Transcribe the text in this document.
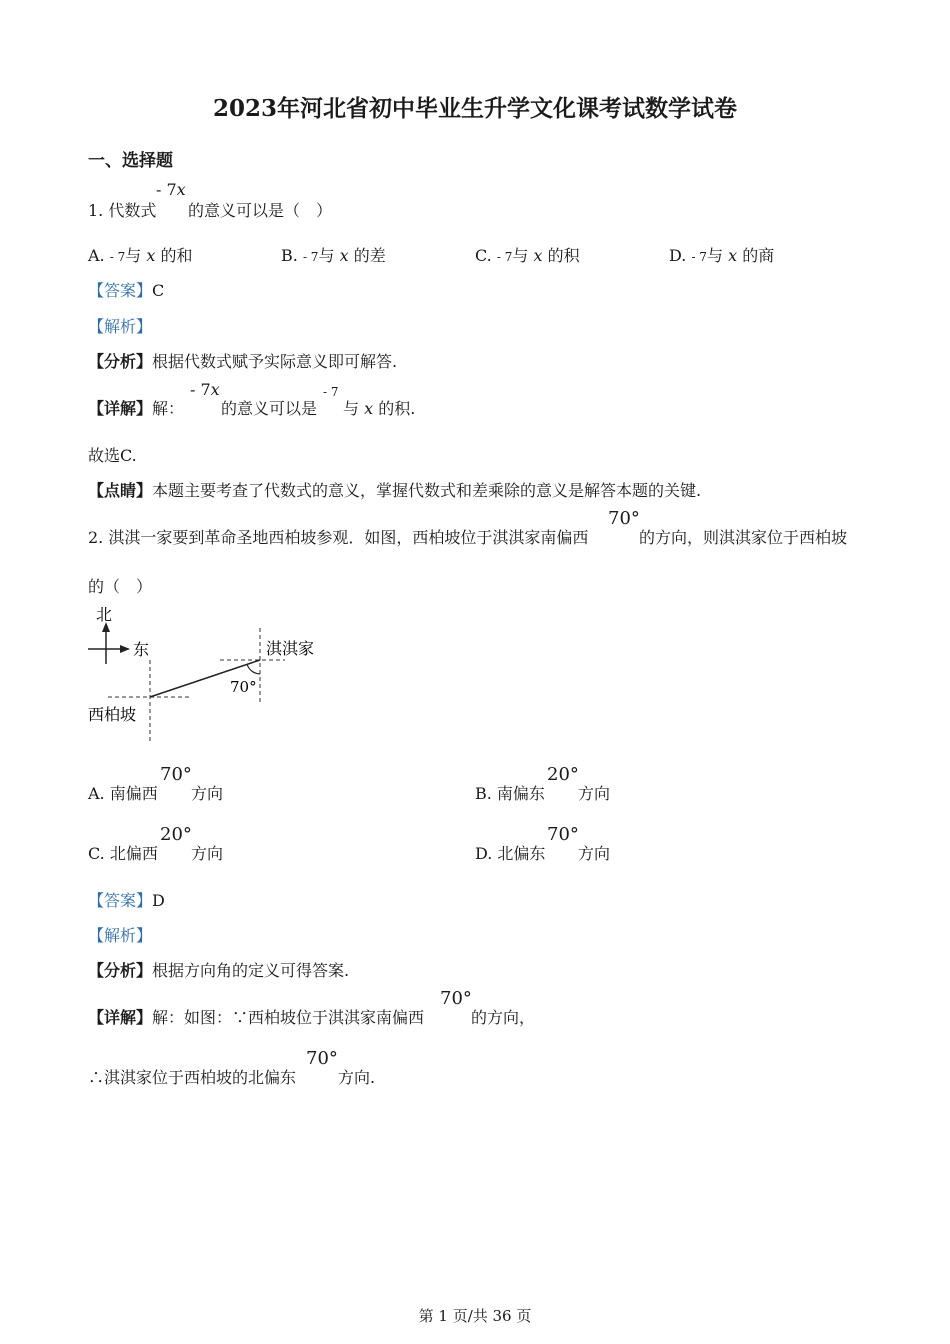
2023年河北省初中毕业生升学文化课考试数学试卷
一、选择题
1. 代数式
- 7x
的意义可以是（　）
A. - 7与 x 的和	B. - 7与 x 的差	C. - 7与 x 的积	D. - 7与 x 的商
【答案】C
【解析】
【分析】根据代数式赋予实际意义即可解答.
【详解】解：
- 7x
的意义可以是
- 7
与 x 的积.
故选C.
【点睛】本题主要考查了代数式的意义，掌握代数式和差乘除的意义是解答本题的关键.
2. 淇淇一家要到革命圣地西柏坡参观．如图，西柏坡位于淇淇家南偏西
70°
的方向，则淇淇家位于西柏坡
的（　）
北
东	淇淇家
70°
西柏坡
A. 南偏西
70°
方向	B. 南偏东
20°
方向
C. 北偏西
20°
方向	D. 北偏东
70°
方向
【答案】D
【解析】
【分析】根据方向角的定义可得答案.
【详解】解：如图：∵西柏坡位于淇淇家南偏西
70°
的方向，
∴淇淇家位于西柏坡的北偏东
70°
方向.
第 1 页/共 36 页
